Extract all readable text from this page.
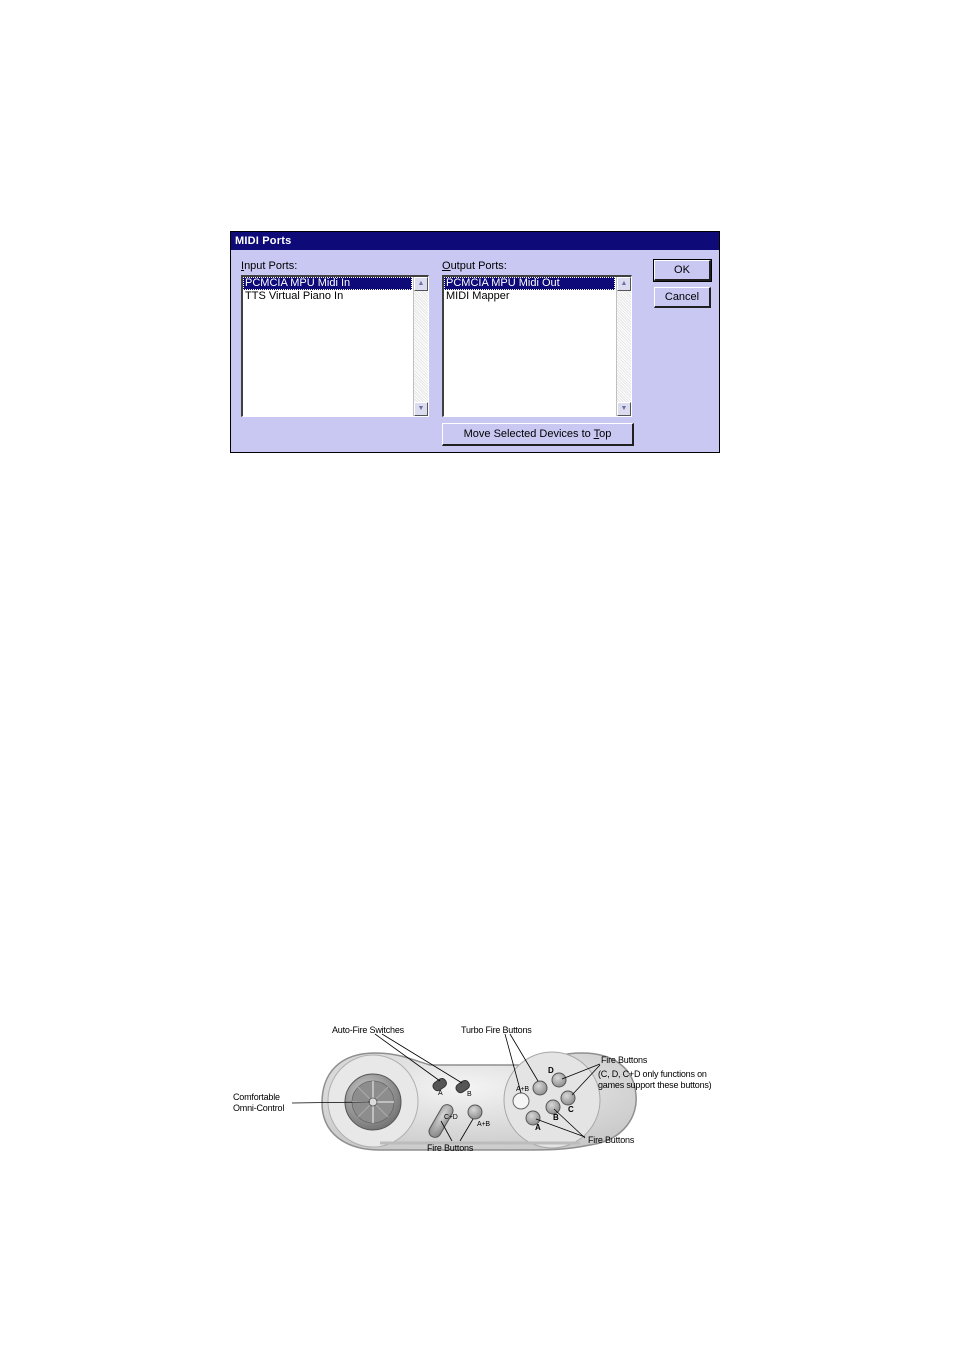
MIDI Ports
Input Ports:
PCMCIA MPU Midi In
TTS Virtual Piano In
▲
▼
Output Ports:
PCMCIA MPU Midi Out
MIDI Mapper
▲
▼
OK
Cancel
Move Selected Devices to Top
A	B
C+D
A+B
A+B
D
C
B
A
Auto-Fire Switches	Turbo Fire Buttons
Fire Buttons
(C, D, C+D only functions on
games support these buttons)
Comfortable
Omni-Control
Fire Buttons
Fire Buttons
